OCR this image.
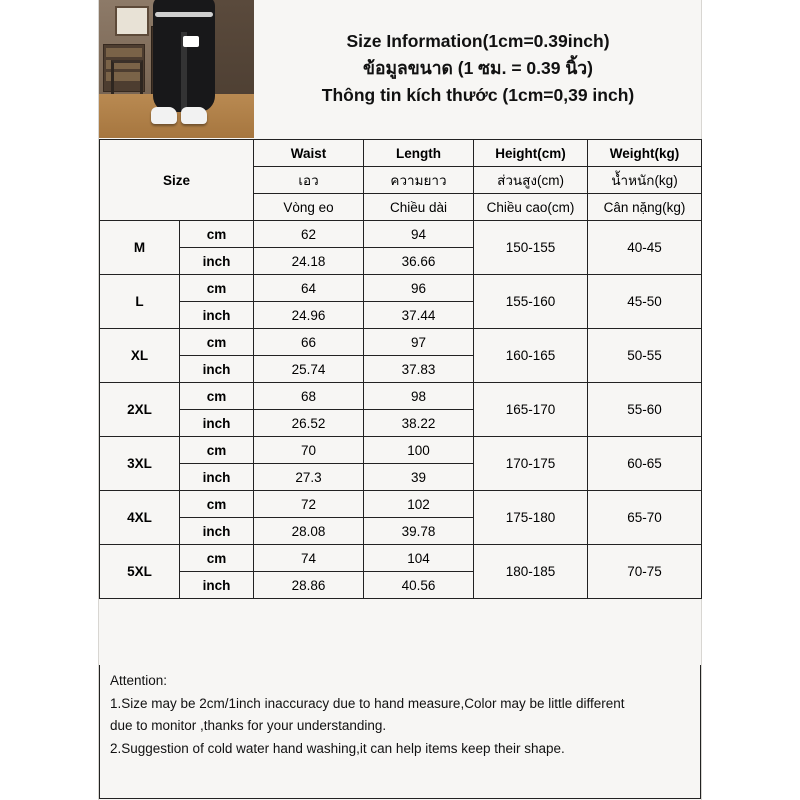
Size Information(1cm=0.39inch)
ข้อมูลขนาด (1 ซม. = 0.39 นิ้ว)
Thông tin kích thước (1cm=0,39 inch)
Size		Waist	Length	Height(cm)	Weight(kg)
		เอว	ความยาว	ส่วนสูง(cm)	น้ำหนัก(kg)
		Vòng eo	Chiều dài	Chiều cao(cm)	Cân nặng(kg)
M	cm	62	94	150-155	40-45
	inch	24.18	36.66		
L	cm	64	96	155-160	45-50
	inch	24.96	37.44		
XL	cm	66	97	160-165	50-55
	inch	25.74	37.83		
2XL	cm	68	98	165-170	55-60
	inch	26.52	38.22		
3XL	cm	70	100	170-175	60-65
	inch	27.3	39		
4XL	cm	72	102	175-180	65-70
	inch	28.08	39.78		
5XL	cm	74	104	180-185	70-75
	inch	28.86	40.56		

Attention:

1.Size may be 2cm/1inch inaccuracy due to hand measure,Color may be little different

due to monitor ,thanks for your understanding.

2.Suggestion of cold water hand washing,it can help items keep their shape.
